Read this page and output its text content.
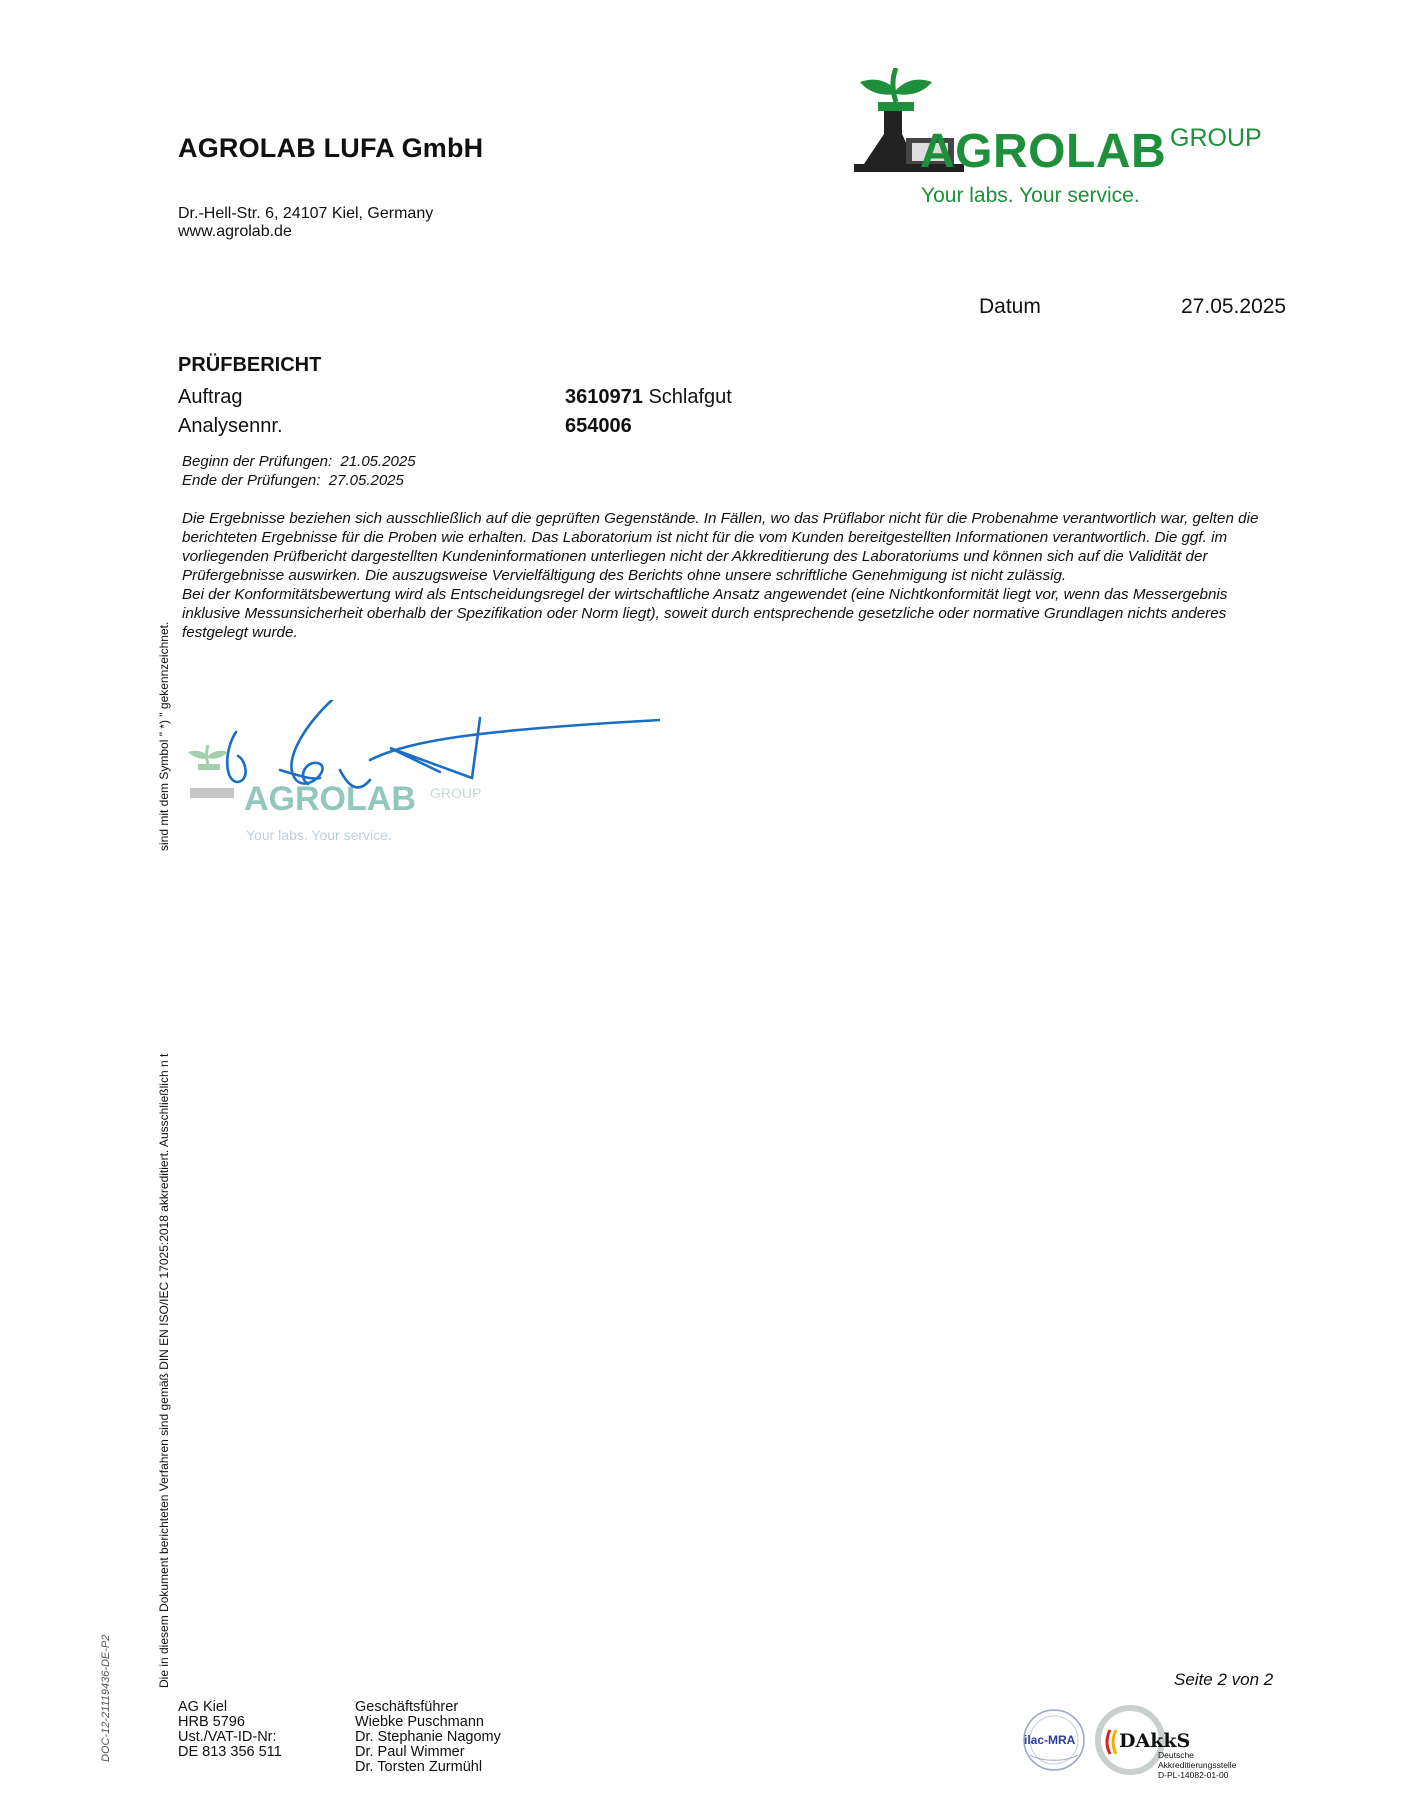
AGROLAB LUFA GmbH
Dr.-Hell-Str. 6, 24107 Kiel, Germany
www.agrolab.de
AGROLAB GROUP
Your labs. Your service.
Datum	27.05.2025
PRÜFBERICHT
Auftrag	3610971 Schlafgut
Analysennr.	654006
Beginn der Prüfungen: 21.05.2025
Ende der Prüfungen: 27.05.2025

Die Ergebnisse beziehen sich ausschließlich auf die geprüften Gegenstände. In Fällen, wo das Prüflabor nicht für die Probenahme verantwortlich war, gelten die berichteten Ergebnisse für die Proben wie erhalten. Das Laboratorium ist nicht für die vom Kunden bereitgestellten Informationen verantwortlich. Die ggf. im vorliegenden Prüfbericht dargestellten Kundeninformationen unterliegen nicht der Akkreditierung des Laboratoriums und können sich auf die Validität der Prüfergebnisse auswirken. Die auszugsweise Vervielfältigung des Berichts ohne unsere schriftliche Genehmigung ist nicht zulässig.

Bei der Konformitätsbewertung wird als Entscheidungsregel der wirtschaftliche Ansatz angewendet (eine Nichtkonformität liegt vor, wenn das Messergebnis inklusive Messunsicherheit oberhalb der Spezifikation oder Norm liegt), soweit durch entsprechende gesetzliche oder normative Grundlagen nichts anderes festgelegt wurde.

AGROLAB GROUP
Your labs. Your service.
sind mit dem Symbol " *) " gekennzeichnet.
Die in diesem Dokument berichteten Verfahren sind gemäß DIN EN ISO/IEC 17025:2018 akkreditiert. Ausschließlich n t
DOC-12-21119436-DE-P2	Seite 2 von 2
AG Kiel
HRB 5796
Ust./VAT-ID-Nr:
DE 813 356 511
Geschäftsführer
Wiebke Puschmann
Dr. Stephanie Nagomy
Dr. Paul Wimmer
Dr. Torsten Zurmühl
ilac-MRA DAkkS
Deutsche
Akkreditierungsstelle
D-PL-14082-01-00
